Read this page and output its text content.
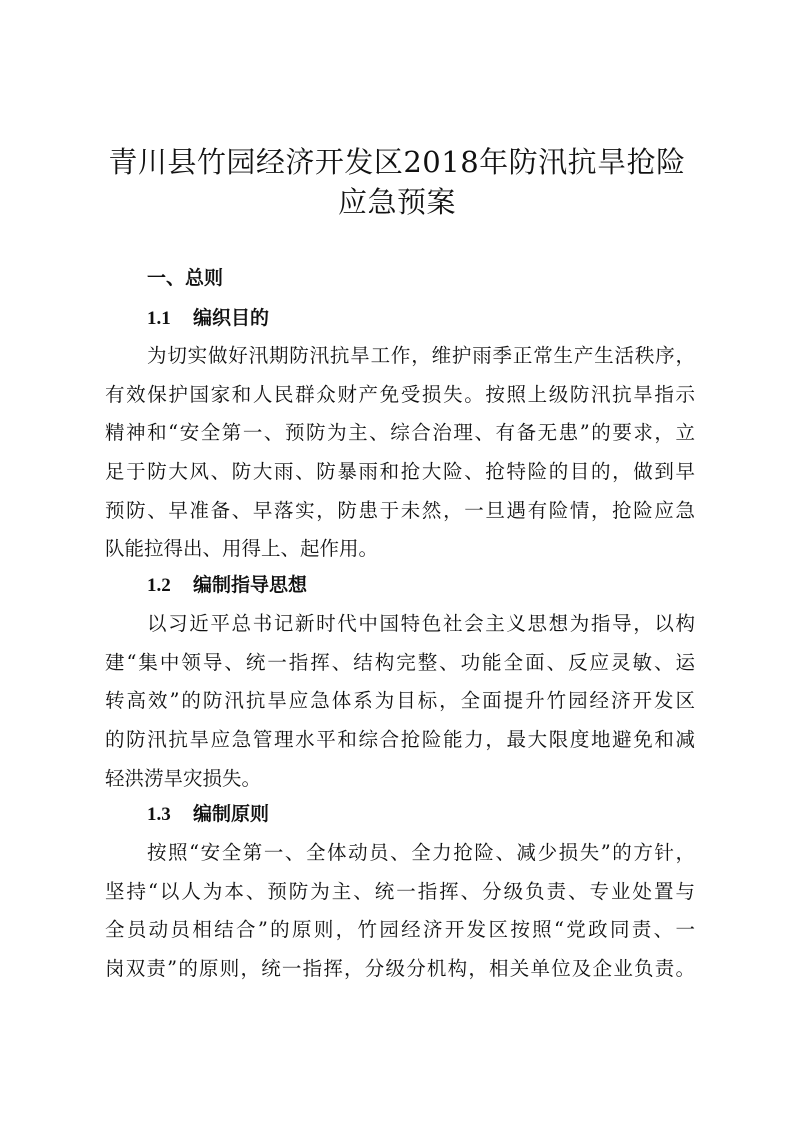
青川县竹园经济开发区2018年防汛抗旱抢险
应急预案
一、总则
1.1 编织目的
为切实做好汛期防汛抗旱工作，维护雨季正常生产生活秩序，
有效保护国家和人民群众财产免受损失。按照上级防汛抗旱指示
精神和“安全第一、预防为主、综合治理、有备无患”的要求，立
足于防大风、防大雨、防暴雨和抢大险、抢特险的目的，做到早
预防、早准备、早落实，防患于未然，一旦遇有险情，抢险应急
队能拉得出、用得上、起作用。
1.2 编制指导思想
以习近平总书记新时代中国特色社会主义思想为指导，以构
建“集中领导、统一指挥、结构完整、功能全面、反应灵敏、运
转高效”的防汛抗旱应急体系为目标，全面提升竹园经济开发区
的防汛抗旱应急管理水平和综合抢险能力，最大限度地避免和减
轻洪涝旱灾损失。
1.3 编制原则
按照“安全第一、全体动员、全力抢险、减少损失”的方针，
坚持“以人为本、预防为主、统一指挥、分级负责、专业处置与
全员动员相结合”的原则，竹园经济开发区按照“党政同责、一
岗双责”的原则，统一指挥，分级分机构，相关单位及企业负责。
